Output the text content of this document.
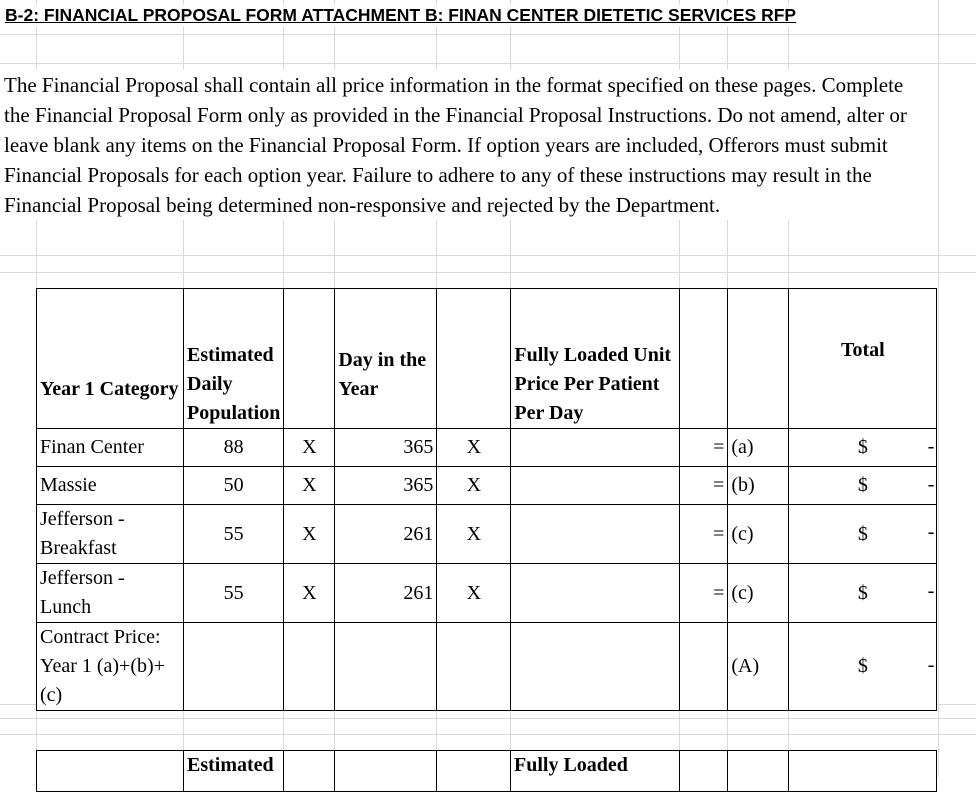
B-2: FINANCIAL PROPOSAL FORM ATTACHMENT B: FINAN CENTER DIETETIC SERVICES RFP

The Financial Proposal shall contain all price information in the format specified on these pages. Complete the Financial Proposal Form only as provided in the Financial Proposal Instructions. Do not amend, alter or leave blank any items on the Financial Proposal Form. If option years are included, Offerors must submit Financial Proposals for each option year. Failure to adhere to any of these instructions may result in the Financial Proposal being determined non-responsive and rejected by the Department.

Year 1 Category	Estimated Daily Population		Day in the Year		Fully Loaded Unit Price Per Patient Per Day			Total
Finan Center	88	X	365	X		=	(a)	$ -

Massie	50	X	365	X		=	(b)	$ -

Jefferson - Breakfast	55	X	261	X		=	(c)	$ -

Jefferson - Lunch	55	X	261	X		=	(c)	$ -

Contract Price: Year 1 (a)+(b)+(c)							(A)	$ -
	Estimated				Fully Loaded			
